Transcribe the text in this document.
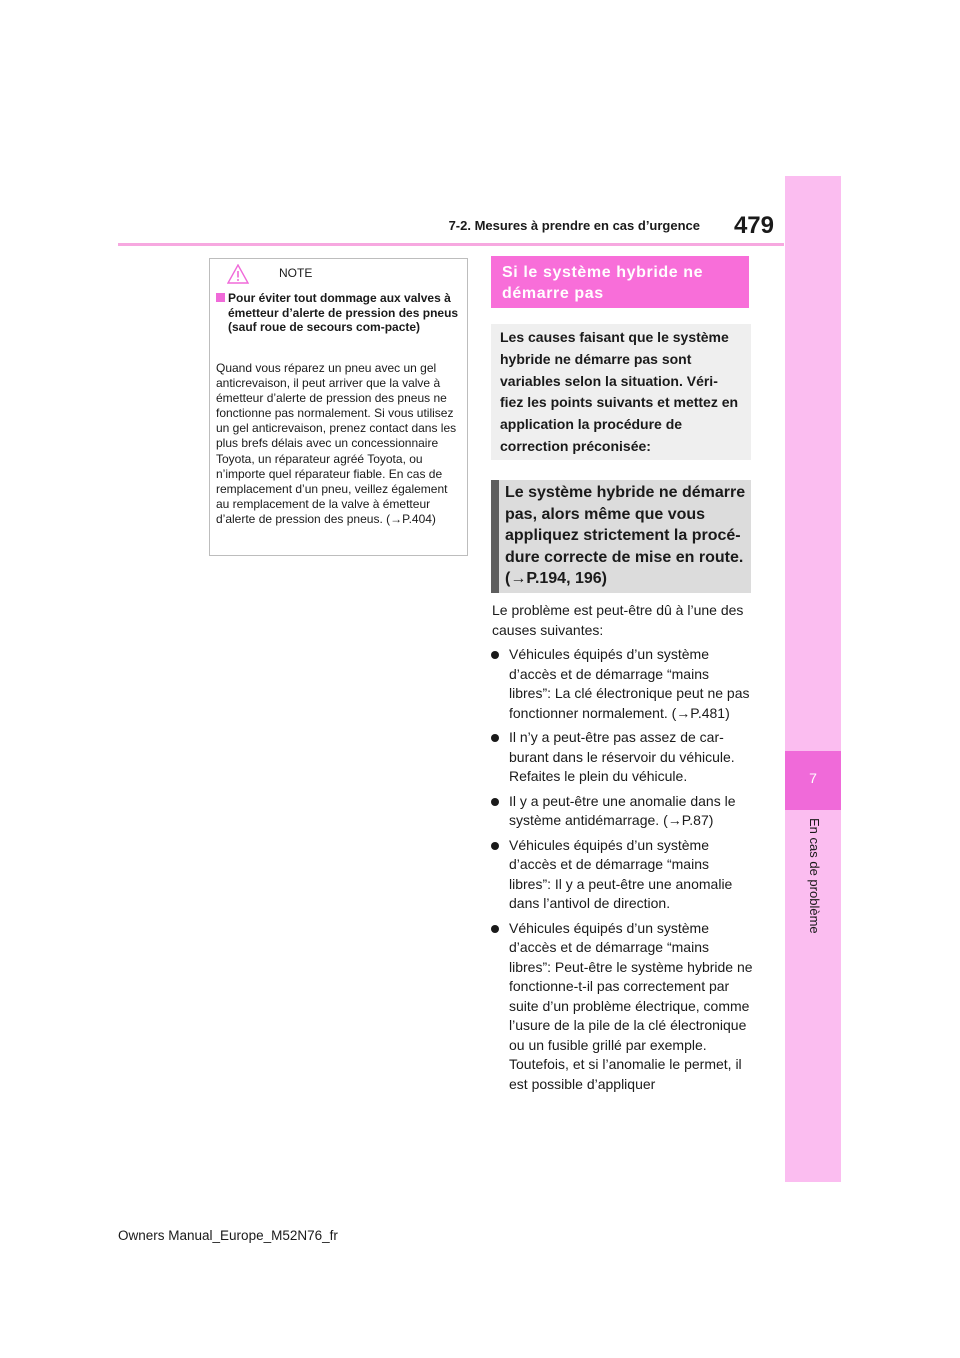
7-2. Mesures à prendre en cas d’urgence	479
7
En cas de problème
NOTE
Pour éviter tout dommage aux valves à émetteur d’alerte de pression des pneus (sauf roue de secours com-pacte)
Quand vous réparez un pneu avec un gel anticrevaison, il peut arriver que la valve à émetteur d’alerte de pression des pneus ne fonctionne pas normalement. Si vous utilisez un gel anticrevaison, prenez contact dans les plus brefs délais avec un concessionnaire Toyota, un réparateur agréé Toyota, ou n’importe quel réparateur fiable. En cas de remplacement d’un pneu, veillez également au remplacement de la valve à émetteur d’alerte de pression des pneus. (→P.404)
Si le système hybride ne démarre pas
Les causes faisant que le système hybride ne démarre pas sont variables selon la situation. Véri-fiez les points suivants et mettez en application la procédure de correction préconisée:
Le système hybride ne démarre pas, alors même que vous appliquez strictement la procé-dure correcte de mise en route. (→P.194, 196)
Le problème est peut-être dû à l’une des causes suivantes:
Véhicules équipés d’un système d’accès et de démarrage “mains libres”: La clé électronique peut ne pas fonctionner normalement. (→P.481)
Il n’y a peut-être pas assez de car-burant dans le réservoir du véhicule. Refaites le plein du véhicule.
Il y a peut-être une anomalie dans le système antidémarrage. (→P.87)
Véhicules équipés d’un système d’accès et de démarrage “mains libres”: Il y a peut-être une anomalie dans l’antivol de direction.
Véhicules équipés d’un système d’accès et de démarrage “mains libres”: Peut-être le système hybride ne fonctionne-t-il pas correctement par suite d’un problème électrique, comme l’usure de la pile de la clé électronique ou un fusible grillé par exemple. Toutefois, et si l’anomalie le permet, il est possible d’appliquer
Owners Manual_Europe_M52N76_fr
